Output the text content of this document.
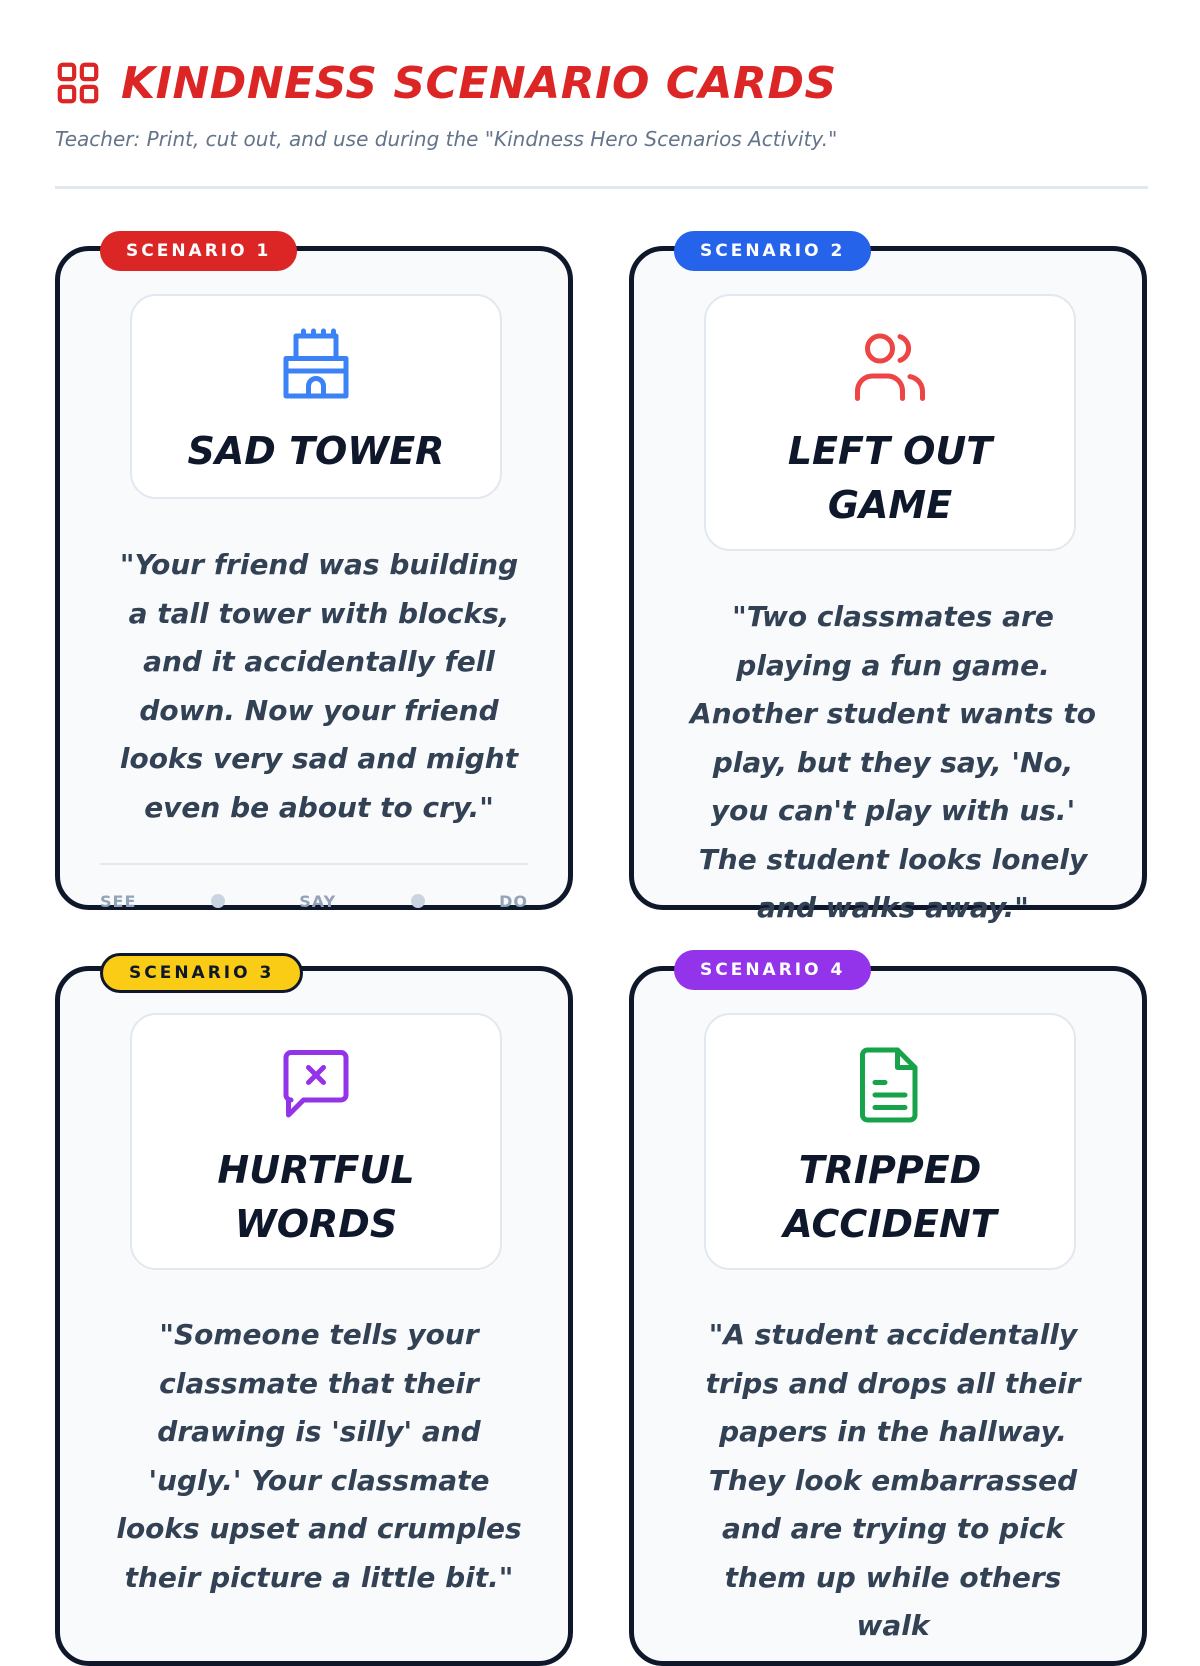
KINDNESS SCENARIO CARDS

Teacher: Print, cut out, and use during the "Kindness Hero Scenarios Activity."

SAD TOWER

"Your friend was building a tall tower with blocks, and it accidentally fell down. Now your friend looks very sad and might even be about to cry."

SEE	SAY	DO
SCENARIO 1
LEFT OUT GAME

"Two classmates are playing a fun game. Another student wants to play, but they say, 'No, you can't play with us.' The student looks lonely and walks away."

SCENARIO 2
HURTFUL WORDS

"Someone tells your classmate that their drawing is 'silly' and 'ugly.' Your classmate looks upset and crumples their picture a little bit."

SCENARIO 3
TRIPPED ACCIDENT

"A student accidentally trips and drops all their papers in the hallway. They look embarrassed and are trying to pick them up while others walk

SCENARIO 4
